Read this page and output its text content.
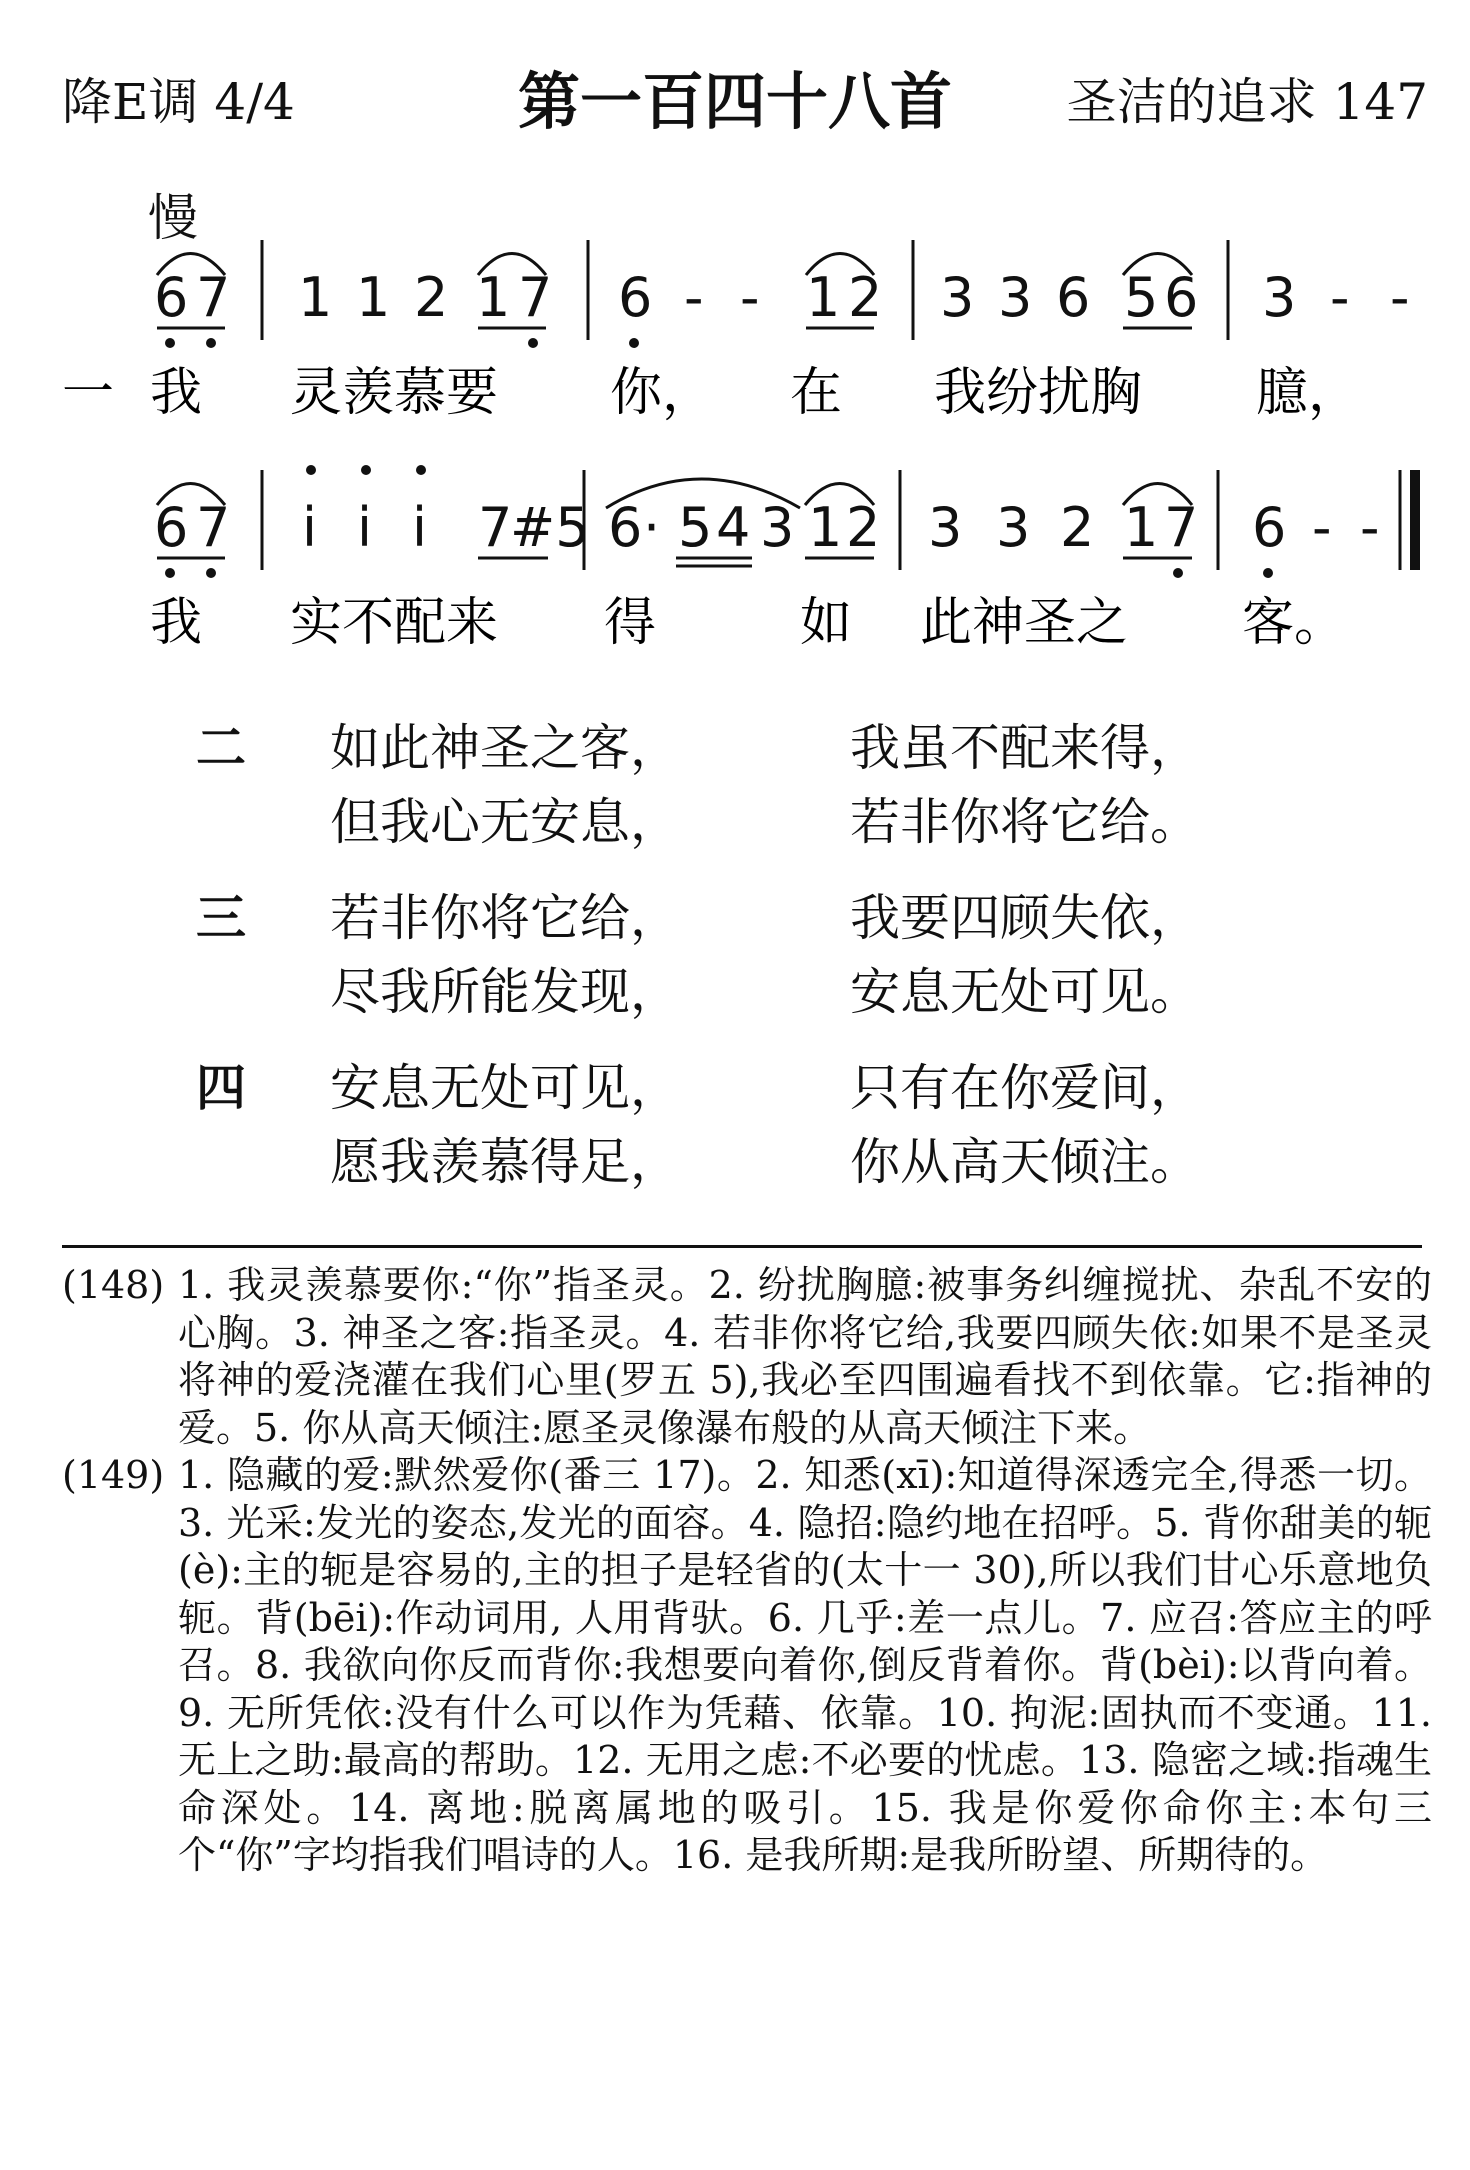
降E调 4/4	第一百四十八首	圣洁的追求 147
慢
6 7 1 1 2 1 7 6 - - 1 2 3 3 6 5 6 3 - -
一 我 灵羡慕要 你， 在 我纷扰胸 臆，
6 7 i i i 7
#5 6 · 5 4 3 1 2 3 3 2 1 7 6 - -
我 实不配来 得	如 此神圣之 客。
二 如此神圣之客，	我虽不配来得，
但我心无安息，	若非你将它给。
三 若非你将它给，	我要四顾失依，
尽我所能发现，	安息无处可见。
四 安息无处可见，	只有在你爱间，
愿我羡慕得足，	你从高天倾注。
(148) 1. 我灵羡慕要你:“你”指圣灵。2. 纷扰胸臆:被事务纠缠搅扰、杂乱不安的心胸。3. 神圣之客:指圣灵。4. 若非你将它给,我要四顾失依:如果不是圣灵将神的爱浇灌在我们心里(罗五 5),我必至四围遍看找不到依靠。它:指神的爱。5. 你从高天倾注:愿圣灵像瀑布般的从高天倾注下来。
(149) 1. 隐藏的爱:默然爱你(番三 17)。2. 知悉(xī):知道得深透完全,得悉一切。3. 光采:发光的姿态,发光的面容。4. 隐招:隐约地在招呼。5. 背你甜美的轭(è):主的轭是容易的,主的担子是轻省的(太十一 30),所以我们甘心乐意地负轭。背(bēi):作动词用, 人用背驮。6. 几乎:差一点儿。7. 应召:答应主的呼召。8. 我欲向你反而背你:我想要向着你,倒反背着你。背(bèi):以背向着。9. 无所凭依:没有什么可以作为凭藉、依靠。10. 拘泥:固执而不变通。11. 无上之助:最高的帮助。12. 无用之虑:不必要的忧虑。13. 隐密之域:指魂生命深处。14. 离地:脱离属地的吸引。15. 我是你爱你命你主:本句三个“你”字均指我们唱诗的人。16. 是我所期:是我所盼望、所期待的。
